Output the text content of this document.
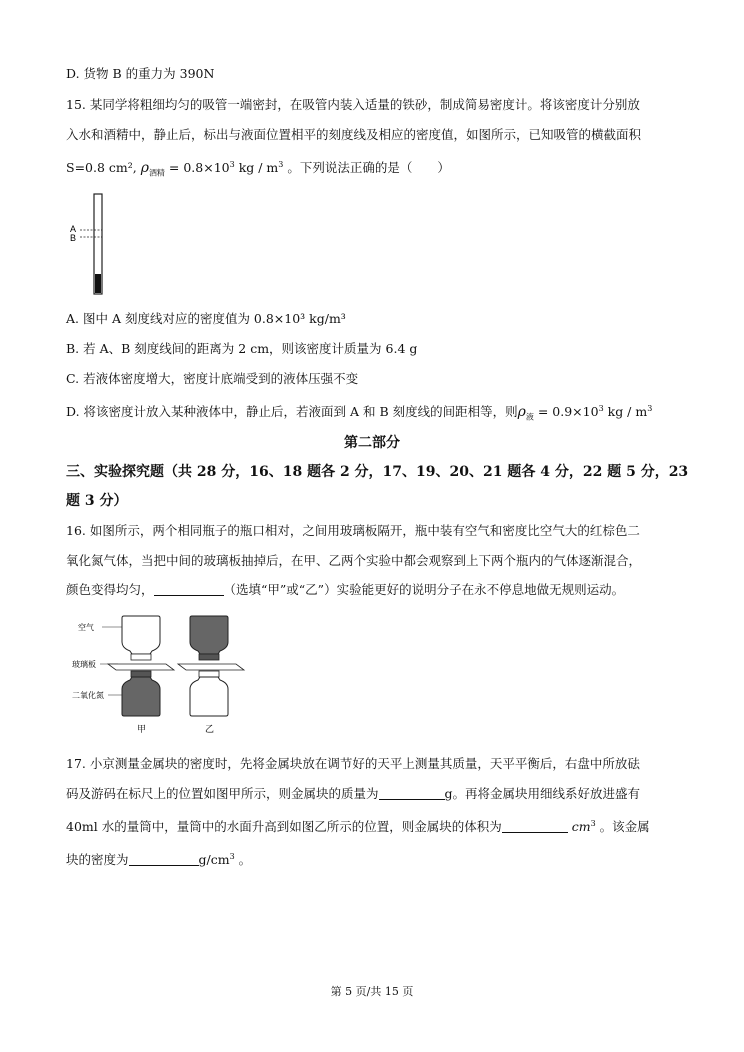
D. 货物 B 的重力为 390N
15. 某同学将粗细均匀的吸管一端密封，在吸管内装入适量的铁砂，制成简易密度计。将该密度计分别放
入水和酒精中，静止后，标出与液面位置相平的刻度线及相应的密度值，如图所示，已知吸管的横截面积
S=0.8 cm², $\rho_{酒精} = 0.8\times 10^3$ kg / $m^3$ 。下列说法正确的是（　　）
A
B
A. 图中 A 刻度线对应的密度值为 0.8×10³ kg/m³
B. 若 A、B 刻度线间的距离为 2 cm，则该密度计质量为 6.4 g
C. 若液体密度增大，密度计底端受到的液体压强不变
D. 将该密度计放入某种液体中，静止后，若液面到 A 和 B 刻度线的间距相等，则$\rho_液 = 0.9\times 10^3$ kg / $m^3$
第二部分
三、实验探究题（共 28 分，16、18 题各 2 分，17、19、20、21 题各 4 分，22 题 5 分，23
题 3 分）
16. 如图所示，两个相同瓶子的瓶口相对，之间用玻璃板隔开，瓶中装有空气和密度比空气大的红棕色二
氧化氮气体，当把中间的玻璃板抽掉后，在甲、乙两个实验中都会观察到上下两个瓶内的气体逐渐混合，
颜色变得均匀，	（选填“甲”或“乙”）实验能更好的说明分子在永不停息地做无规则运动。
空气
玻璃板
二氧化氮
甲	乙
17. 小京测量金属块的密度时，先将金属块放在调节好的天平上测量其质量，天平平衡后，右盘中所放砝
码及游码在标尺上的位置如图甲所示，则金属块的质量为	g。再将金属块用细线系好放进盛有
40ml 水的量筒中，量筒中的水面升高到如图乙所示的位置，则金属块的体积为	$cm^3$ 。该金属
块的密度为	$g/cm^3$ 。
第 5 页/共 15 页
